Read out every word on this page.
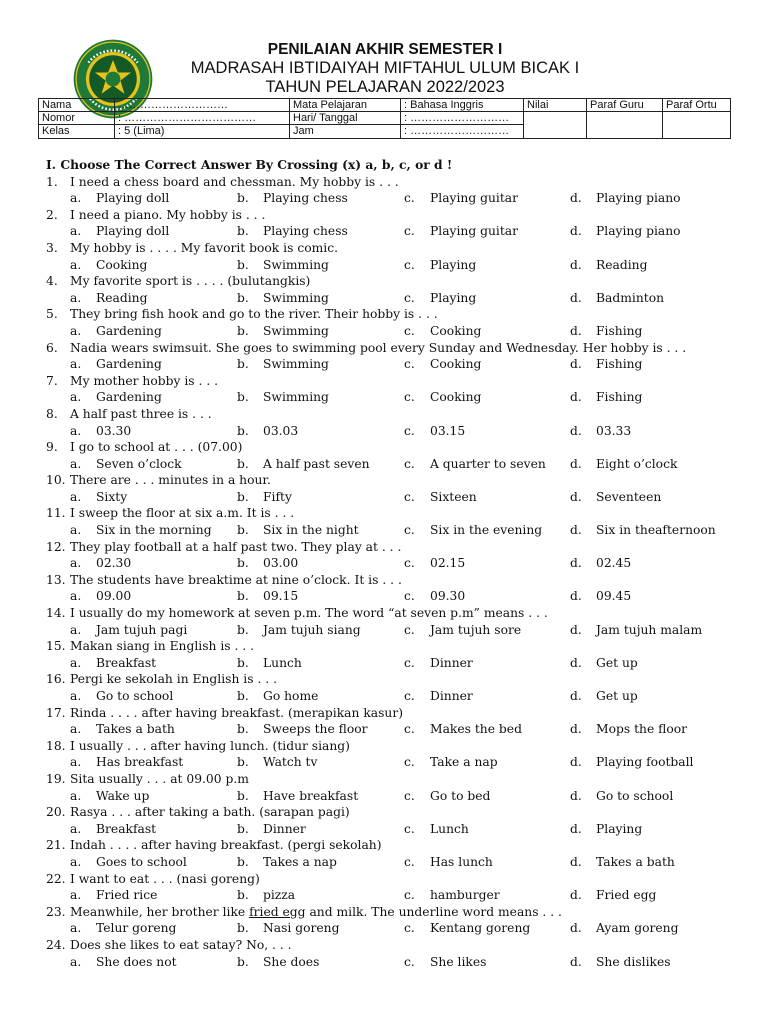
PENILAIAN AKHIR SEMESTER I
MADRASAH IBTIDAIYAH MIFTAHUL ULUM BICAK I
TAHUN PELAJARAN 2022/2023
Nama	…………………………	Mata Pelajaran	: Bahasa Inggris	Nilai	Paraf Guru	Paraf Ortu
Nomor	: ………………………………	Hari/ Tanggal	: ………………………			
Kelas	: 5 (Lima)	Jam	: ………………………			
I. Choose The Correct Answer By Crossing (x) a, b, c, or d !
1. I need a chess board and chessman. My hobby is . . .
a. Playing doll	b. Playing chess	c. Playing guitar	d. Playing piano
2. I need a piano. My hobby is . . .
a. Playing doll	b. Playing chess	c. Playing guitar	d. Playing piano
3. My hobby is . . . . My favorit book is comic.
a. Cooking	b. Swimming	c. Playing	d. Reading
4. My favorite sport is . . . . (bulutangkis)
a. Reading	b. Swimming	c. Playing	d. Badminton
5. They bring fish hook and go to the river. Their hobby is . . .
a. Gardening	b. Swimming	c. Cooking	d. Fishing
6. Nadia wears swimsuit. She goes to swimming pool every Sunday and Wednesday. Her hobby is . . .
a. Gardening	b. Swimming	c. Cooking	d. Fishing
7. My mother hobby is . . .
a. Gardening	b. Swimming	c. Cooking	d. Fishing
8. A half past three is . . .
a. 03.30	b. 03.03	c. 03.15	d. 03.33
9. I go to school at . . . (07.00)
a. Seven o’clock	b. A half past seven	c. A quarter to seven d. Eight o’clock
10. There are . . . minutes in a hour.
a. Sixty	b. Fifty	c. Sixteen	d. Seventeen
11. I sweep the floor at six a.m. It is . . .
a. Six in the morning b. Six in the night	c. Six in the evening d. Six in theafternoon
12. They play football at a half past two. They play at . . .
a. 02.30	b. 03.00	c. 02.15	d. 02.45
13. The students have breaktime at nine o’clock. It is . . .
a. 09.00	b. 09.15	c. 09.30	d. 09.45
14. I usually do my homework at seven p.m. The word “at seven p.m” means . . .
a. Jam tujuh pagi	b. Jam tujuh siang	c. Jam tujuh sore	d. Jam tujuh malam
15. Makan siang in English is . . .
a. Breakfast	b. Lunch	c. Dinner	d. Get up
16. Pergi ke sekolah in English is . . .
a. Go to school	b. Go home	c. Dinner	d. Get up
17. Rinda . . . . after having breakfast. (merapikan kasur)
a. Takes a bath	b. Sweeps the floor	c. Makes the bed	d. Mops the floor
18. I usually . . . after having lunch. (tidur siang)
a. Has breakfast	b. Watch tv	c. Take a nap	d. Playing football
19. Sita usually . . . at 09.00 p.m
a. Wake up	b. Have breakfast	c. Go to bed	d. Go to school
20. Rasya . . . after taking a bath. (sarapan pagi)
a. Breakfast	b. Dinner	c. Lunch	d. Playing
21. Indah . . . . after having breakfast. (pergi sekolah)
a. Goes to school	b. Takes a nap	c. Has lunch	d. Takes a bath
22. I want to eat . . . (nasi goreng)
a. Fried rice	b. pizza	c. hamburger	d. Fried egg
23. Meanwhile, her brother like fried egg and milk. The underline word means . . .
a. Telur goreng	b. Nasi goreng	c. Kentang goreng	d. Ayam goreng
24. Does she likes to eat satay? No, . . .
a. She does not	b. She does	c. She likes	d. She dislikes
